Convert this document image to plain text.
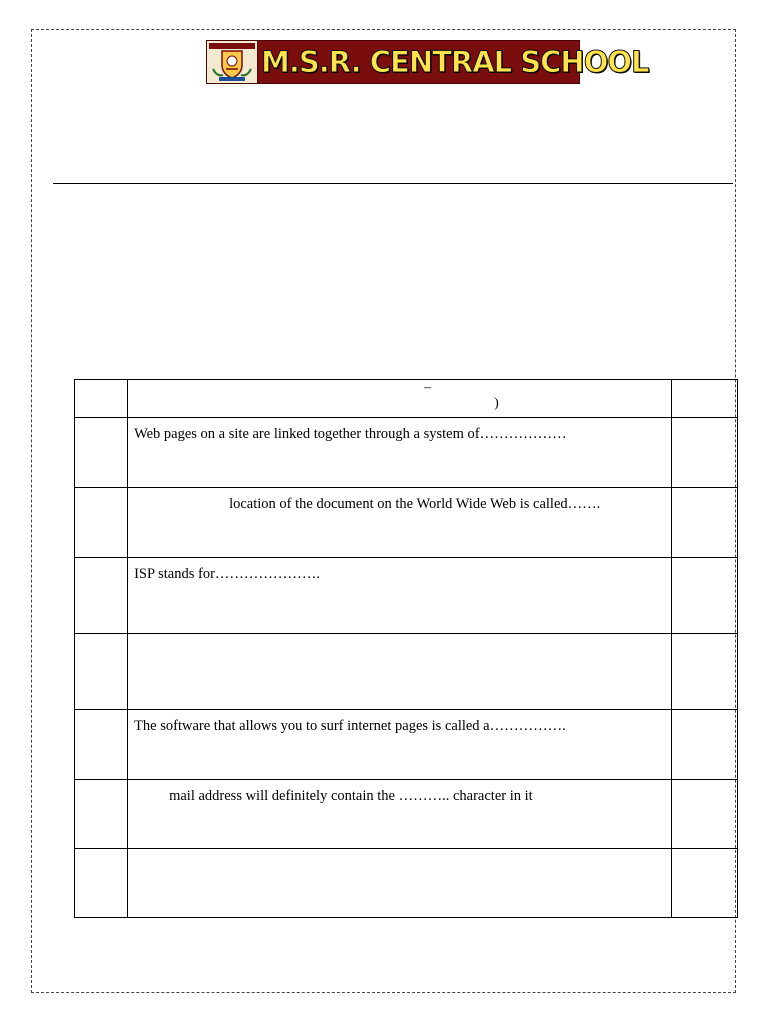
M.S.R. CENTRAL SCHOOL

	–
)	

	Web pages on a site are linked together through a system of………………	

	location of the document on the World Wide Web is called…….	

	ISP stands for………………….	

	The software that allows you to surf internet pages is called a…………….	

	mail address will definitely contain the ……….. character in it	
